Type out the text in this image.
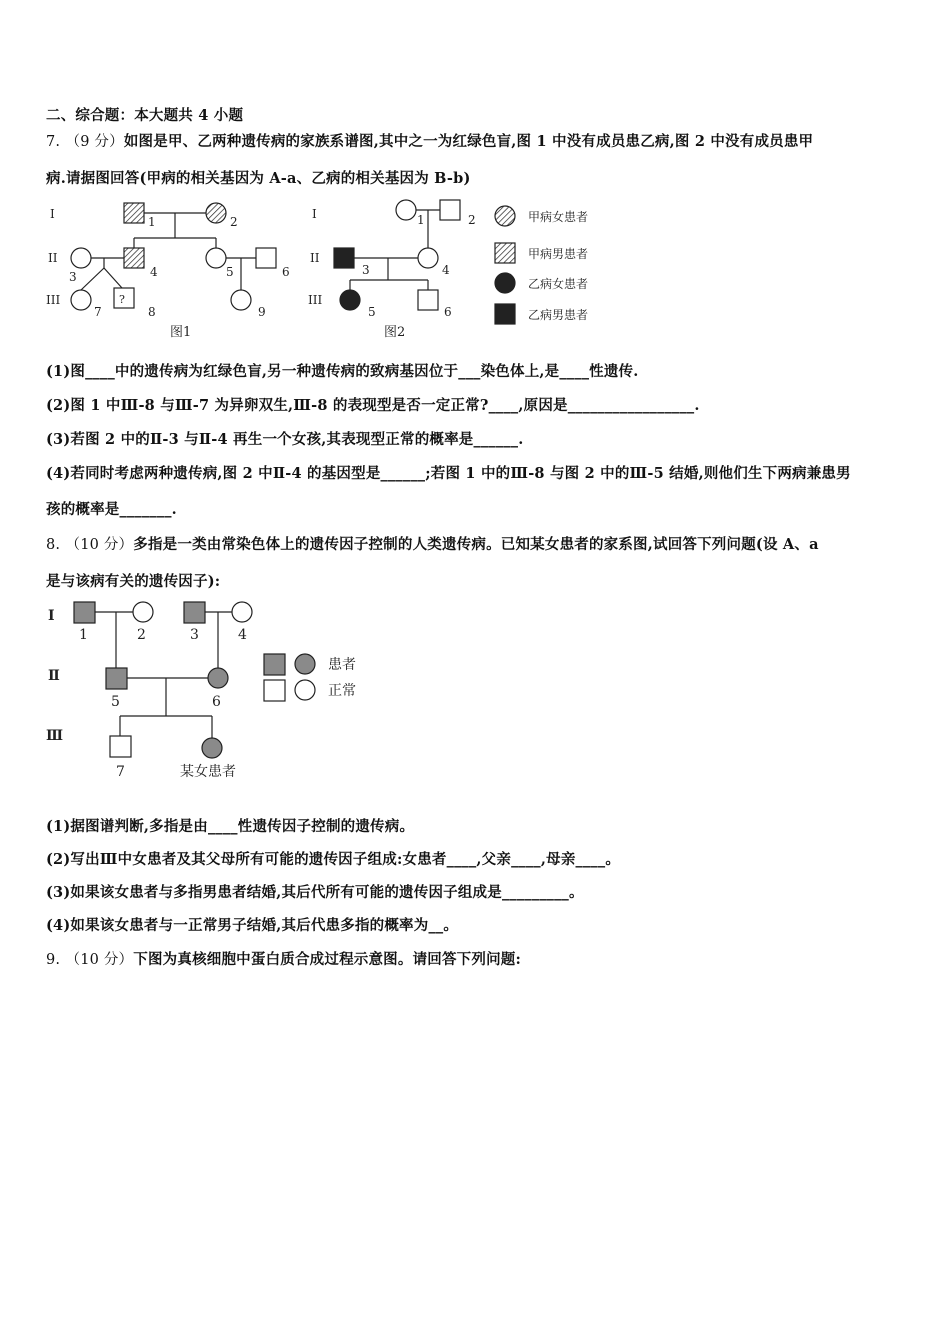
二、综合题：本大题共 4 小题
7. （9 分）如图是甲、乙两种遗传病的家族系谱图,其中之一为红绿色盲,图 1 中没有成员患乙病,图 2 中没有成员患甲
病.请据图回答(甲病的相关基因为 A-a、乙病的相关基因为 B-b)
I
II
III
1	2
3	4	5	6
7
?
8	9
图1
I
II
III
1	2
3	4
5	6
图2
甲病女患者
甲病男患者
乙病女患者
乙病男患者
(1)图____中的遗传病为红绿色盲,另一种遗传病的致病基因位于___染色体上,是____性遗传.
(2)图 1 中Ⅲ-8 与Ⅲ-7 为异卵双生,Ⅲ-8 的表现型是否一定正常?____,原因是_________________.
(3)若图 2 中的Ⅱ-3 与Ⅱ-4 再生一个女孩,其表现型正常的概率是______.
(4)若同时考虑两种遗传病,图 2 中Ⅱ-4 的基因型是______;若图 1 中的Ⅲ-8 与图 2 中的Ⅲ-5 结婚,则他们生下两病兼患男
孩的概率是_______.
8. （10 分）多指是一类由常染色体上的遗传因子控制的人类遗传病。已知某女患者的家系图,试回答下列问题(设 A、a
是与该病有关的遗传因子):
Ⅰ
Ⅱ
Ⅲ
1	2	3	4
5	6
7	某女患者
患者
正常
(1)据图谱判断,多指是由____性遗传因子控制的遗传病。
(2)写出Ⅲ中女患者及其父母所有可能的遗传因子组成:女患者____,父亲____,母亲____。
(3)如果该女患者与多指男患者结婚,其后代所有可能的遗传因子组成是_________。
(4)如果该女患者与一正常男子结婚,其后代患多指的概率为__。
9. （10 分）下图为真核细胞中蛋白质合成过程示意图。请回答下列问题:
